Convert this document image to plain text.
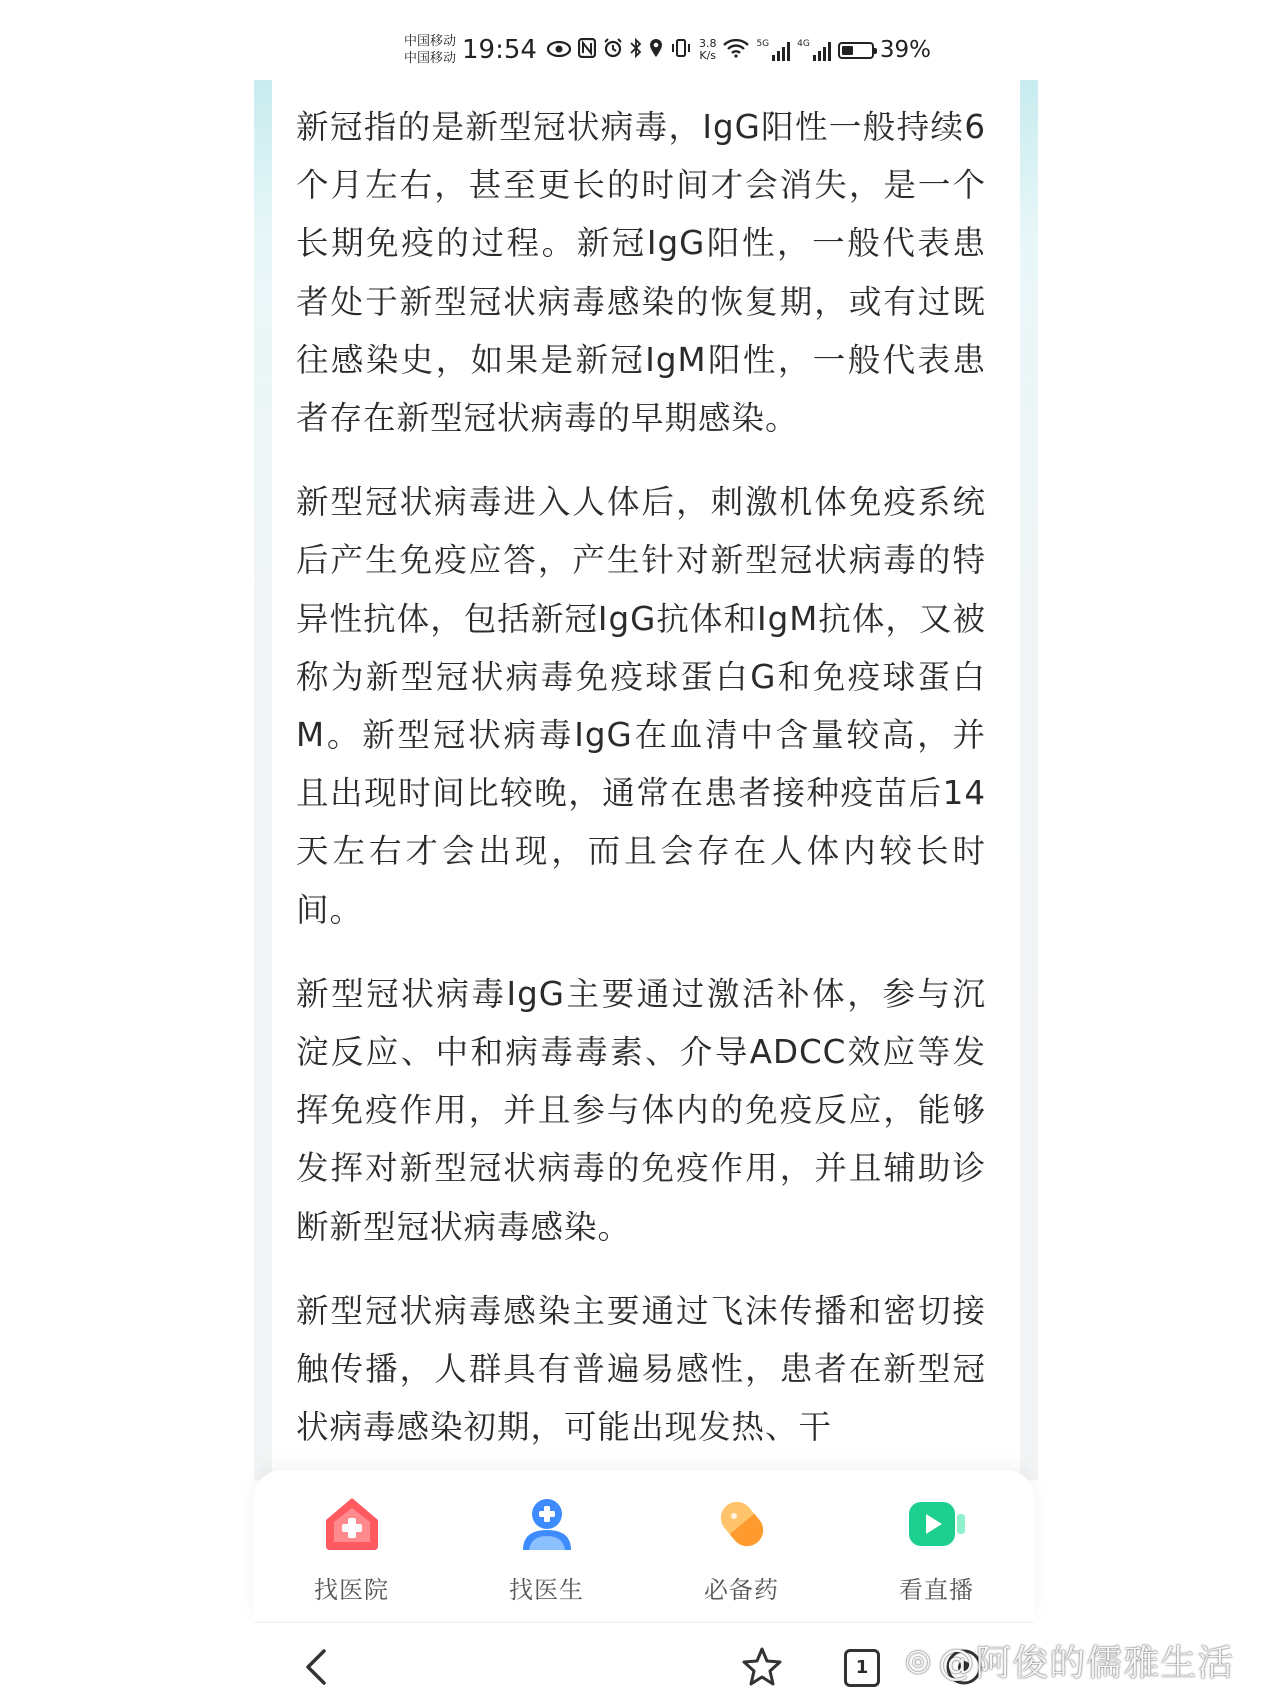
中国移动
中国移动 19:54	3.8
K/s
5G	4G	39%

新冠指的是新型冠状病毒，IgG阳性一般持续6个月左右，甚至更长的时间才会消失，是一个长期免疫的过程。新冠IgG阳性，一般代表患者处于新型冠状病毒感染的恢复期，或有过既往感染史，如果是新冠IgM阳性，一般代表患者存在新型冠状病毒的早期感染。

新型冠状病毒进入人体后，刺激机体免疫系统后产生免疫应答，产生针对新型冠状病毒的特异性抗体，包括新冠IgG抗体和IgM抗体，又被称为新型冠状病毒免疫球蛋白G和免疫球蛋白M。新型冠状病毒IgG在血清中含量较高，并且出现时间比较晚，通常在患者接种疫苗后14天左右才会出现，而且会存在人体内较长时间。

新型冠状病毒IgG主要通过激活补体，参与沉淀反应、中和病毒毒素、介导ADCC效应等发挥免疫作用，并且参与体内的免疫反应，能够发挥对新型冠状病毒的免疫作用，并且辅助诊断新型冠状病毒感染。

新型冠状病毒感染主要通过飞沫传播和密切接触传播，人群具有普遍易感性，患者在新型冠状病毒感染初期，可能出现发热、干

找医院	找医生	必备药	看直播
1	◎ @阿俊的儒雅生活
